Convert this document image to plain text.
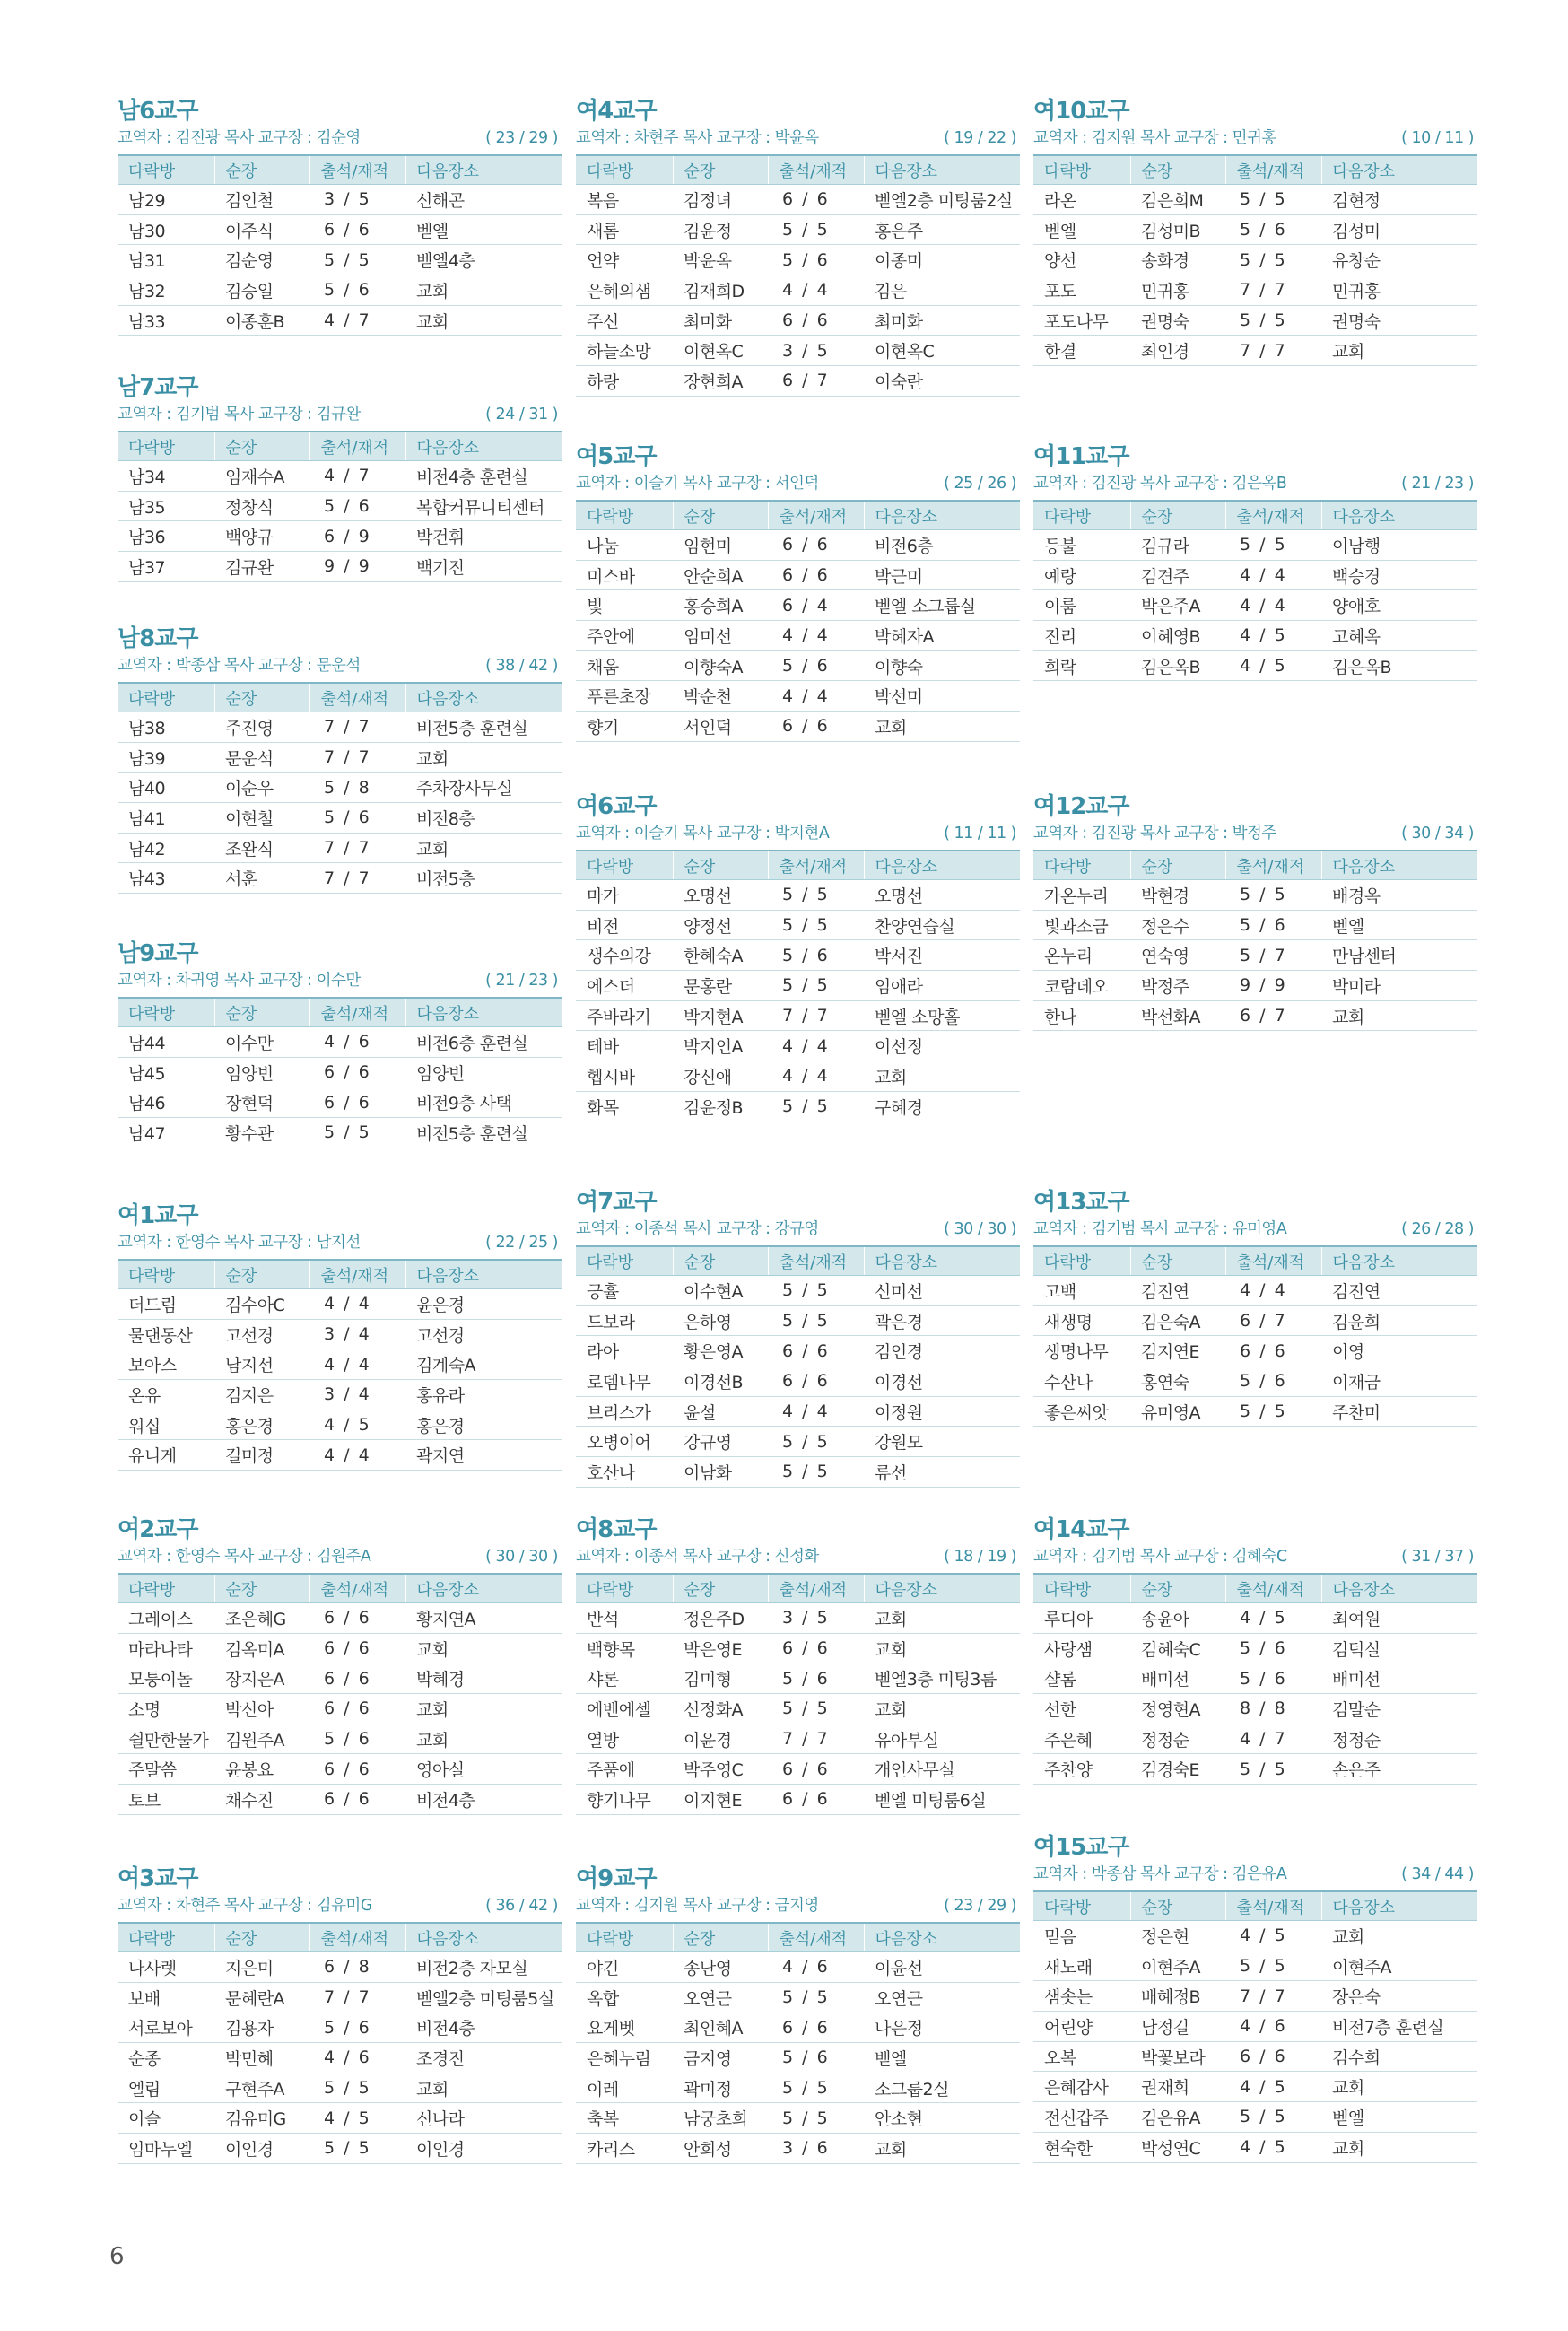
남6교구
교역자 : 김진광 목사 교구장 : 김순영	( 23 / 29 )
다락방	순장	출석/재적	다음장소
남29	김인철	3 / 5	신해곤
남30	이주식	6 / 6	벧엘
남31	김순영	5 / 5	벧엘4층
남32	김승일	5 / 6	교회
남33	이종훈B	4 / 7	교회
남7교구
교역자 : 김기범 목사 교구장 : 김규완	( 24 / 31 )
다락방	순장	출석/재적	다음장소
남34	임재수A	4 / 7	비전4층 훈련실
남35	정창식	5 / 6	복합커뮤니티센터
남36	백양규	6 / 9	박건휘
남37	김규완	9 / 9	백기진
남8교구
교역자 : 박종삼 목사 교구장 : 문운석	( 38 / 42 )
다락방	순장	출석/재적	다음장소
남38	주진영	7 / 7	비전5층 훈련실
남39	문운석	7 / 7	교회
남40	이순우	5 / 8	주차장사무실
남41	이현철	5 / 6	비전8층
남42	조완식	7 / 7	교회
남43	서훈	7 / 7	비전5층
남9교구
교역자 : 차귀영 목사 교구장 : 이수만	( 21 / 23 )
다락방	순장	출석/재적	다음장소
남44	이수만	4 / 6	비전6층 훈련실
남45	임양빈	6 / 6	임양빈
남46	장현덕	6 / 6	비전9층 사택
남47	황수관	5 / 5	비전5층 훈련실
여1교구
교역자 : 한영수 목사 교구장 : 남지선	( 22 / 25 )
다락방	순장	출석/재적	다음장소
더드림	김수아C	4 / 4	윤은경
물댄동산	고선경	3 / 4	고선경
보아스	남지선	4 / 4	김계숙A
온유	김지은	3 / 4	홍유라
워십	홍은경	4 / 5	홍은경
유니게	길미정	4 / 4	곽지연
여2교구
교역자 : 한영수 목사 교구장 : 김원주A	( 30 / 30 )
다락방	순장	출석/재적	다음장소
그레이스	조은혜G	6 / 6	황지연A
마라나타	김옥미A	6 / 6	교회
모퉁이돌	장지은A	6 / 6	박혜경
소명	박신아	6 / 6	교회
쉴만한물가	김원주A	5 / 6	교회
주말씀	윤봉요	6 / 6	영아실
토브	채수진	6 / 6	비전4층
여3교구
교역자 : 차현주 목사 교구장 : 김유미G	( 36 / 42 )
다락방	순장	출석/재적	다음장소
나사렛	지은미	6 / 8	비전2층 자모실
보배	문혜란A	7 / 7	벧엘2층 미팅룸5실
서로보아	김용자	5 / 6	비전4층
순종	박민혜	4 / 6	조경진
엘림	구현주A	5 / 5	교회
이슬	김유미G	4 / 5	신나라
임마누엘	이인경	5 / 5	이인경
여4교구
교역자 : 차현주 목사 교구장 : 박윤옥	( 19 / 22 )
다락방	순장	출석/재적	다음장소
복음	김정녀	6 / 6	벧엘2층 미팅룸2실
새롬	김윤정	5 / 5	홍은주
언약	박윤옥	5 / 6	이종미
은혜의샘	김재희D	4 / 4	김은
주신	최미화	6 / 6	최미화
하늘소망	이현옥C	3 / 5	이현옥C
하랑	장현희A	6 / 7	이숙란
여5교구
교역자 : 이슬기 목사 교구장 : 서인덕	( 25 / 26 )
다락방	순장	출석/재적	다음장소
나눔	임현미	6 / 6	비전6층
미스바	안순희A	6 / 6	박근미
빛	홍승희A	6 / 4	벧엘 소그룹실
주안에	임미선	4 / 4	박혜자A
채움	이향숙A	5 / 6	이향숙
푸른초장	박순천	4 / 4	박선미
향기	서인덕	6 / 6	교회
여6교구
교역자 : 이슬기 목사 교구장 : 박지현A	( 11 / 11 )
다락방	순장	출석/재적	다음장소
마가	오명선	5 / 5	오명선
비전	양정선	5 / 5	찬양연습실
생수의강	한혜숙A	5 / 6	박서진
에스더	문홍란	5 / 5	임애라
주바라기	박지현A	7 / 7	벧엘 소망홀
테바	박지인A	4 / 4	이선정
헵시바	강신애	4 / 4	교회
화목	김윤정B	5 / 5	구혜경
여7교구
교역자 : 이종석 목사 교구장 : 강규영	( 30 / 30 )
다락방	순장	출석/재적	다음장소
긍휼	이수현A	5 / 5	신미선
드보라	은하영	5 / 5	곽은경
라아	황은영A	6 / 6	김인경
로뎀나무	이경선B	6 / 6	이경선
브리스가	윤설	4 / 4	이정원
오병이어	강규영	5 / 5	강원모
호산나	이남화	5 / 5	류선
여8교구
교역자 : 이종석 목사 교구장 : 신정화	( 18 / 19 )
다락방	순장	출석/재적	다음장소
반석	정은주D	3 / 5	교회
백향목	박은영E	6 / 6	교회
샤론	김미형	5 / 6	벧엘3층 미팅3룸
에벤에셀	신정화A	5 / 5	교회
열방	이윤경	7 / 7	유아부실
주품에	박주영C	6 / 6	개인사무실
향기나무	이지현E	6 / 6	벧엘 미팅룸6실
여9교구
교역자 : 김지원 목사 교구장 : 금지영	( 23 / 29 )
다락방	순장	출석/재적	다음장소
야긴	송난영	4 / 6	이윤선
옥합	오연근	5 / 5	오연근
요게벳	최인혜A	6 / 6	나은정
은혜누림	금지영	5 / 6	벧엘
이레	곽미정	5 / 5	소그룹2실
축복	남궁초희	5 / 5	안소현
카리스	안희성	3 / 6	교회
여10교구
교역자 : 김지원 목사 교구장 : 민귀홍	( 10 / 11 )
다락방	순장	출석/재적	다음장소
라온	김은희M	5 / 5	김현정
벧엘	김성미B	5 / 6	김성미
양선	송화경	5 / 5	유창순
포도	민귀홍	7 / 7	민귀홍
포도나무	권명숙	5 / 5	권명숙
한결	최인경	7 / 7	교회
여11교구
교역자 : 김진광 목사 교구장 : 김은옥B	( 21 / 23 )
다락방	순장	출석/재적	다음장소
등불	김규라	5 / 5	이남행
예랑	김견주	4 / 4	백승경
이룸	박은주A	4 / 4	양애호
진리	이혜영B	4 / 5	고혜옥
희락	김은옥B	4 / 5	김은옥B
여12교구
교역자 : 김진광 목사 교구장 : 박정주	( 30 / 34 )
다락방	순장	출석/재적	다음장소
가온누리	박현경	5 / 5	배경옥
빛과소금	정은수	5 / 6	벧엘
온누리	연숙영	5 / 7	만남센터
코람데오	박정주	9 / 9	박미라
한나	박선화A	6 / 7	교회
여13교구
교역자 : 김기범 목사 교구장 : 유미영A	( 26 / 28 )
다락방	순장	출석/재적	다음장소
고백	김진연	4 / 4	김진연
새생명	김은숙A	6 / 7	김윤희
생명나무	김지연E	6 / 6	이영
수산나	홍연숙	5 / 6	이재금
좋은씨앗	유미영A	5 / 5	주찬미
여14교구
교역자 : 김기범 목사 교구장 : 김혜숙C	( 31 / 37 )
다락방	순장	출석/재적	다음장소
루디아	송윤아	4 / 5	최여원
사랑샘	김혜숙C	5 / 6	김덕실
샬롬	배미선	5 / 6	배미선
선한	정영현A	8 / 8	김말순
주은혜	정정순	4 / 7	정정순
주찬양	김경숙E	5 / 5	손은주
여15교구
교역자 : 박종삼 목사 교구장 : 김은유A	( 34 / 44 )
다락방	순장	출석/재적	다음장소
믿음	정은현	4 / 5	교회
새노래	이현주A	5 / 5	이현주A
샘솟는	배혜정B	7 / 7	장은숙
어린양	남정길	4 / 6	비전7층 훈련실
오복	박꽃보라	6 / 6	김수희
은혜감사	권재희	4 / 5	교회
전신갑주	김은유A	5 / 5	벧엘
현숙한	박성연C	4 / 5	교회
6
